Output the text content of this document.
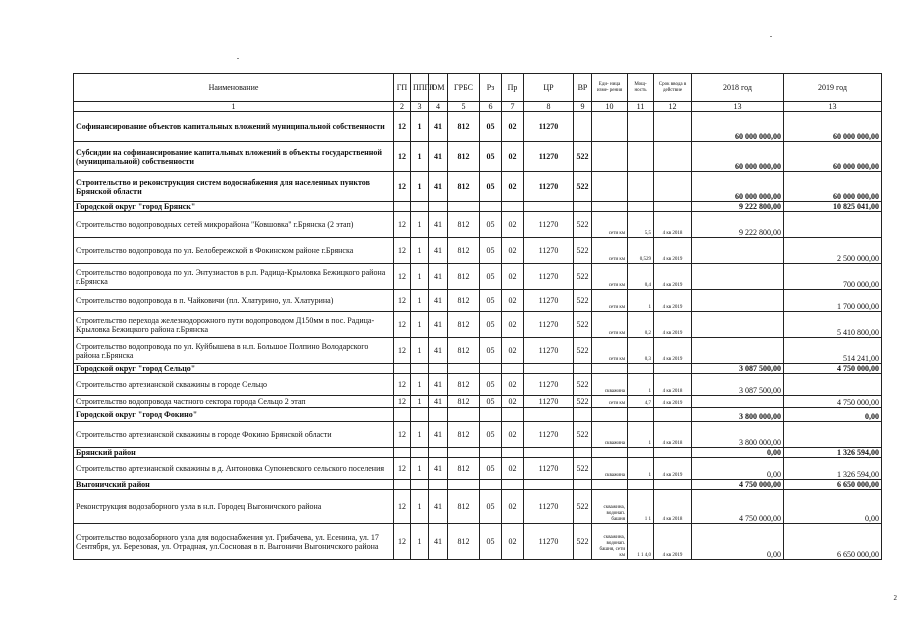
Наименование	ГП	ППГП	ОМ	ГРБС	Рз	Пр	ЦР	ВР	Еди- ница изме- рения	Мощ- ность	Срок ввода в действие	2018 год	2019 год
1	2	3	4	5	6	7	8	9	10	11	12	13	13
Софинансирование объектов капитальных вложений муниципальной собственности	12	1	41	812	05	02	11270					60 000 000,00	60 000 000,00
Субсидии на софинансирование капитальных вложений в объекты государственной (муниципальной) собственности	12	1	41	812	05	02	11270	522				60 000 000,00	60 000 000,00
Строительство и реконструкция систем водоснабжения для населенных пунктов Брянской области	12	1	41	812	05	02	11270	522				60 000 000,00	60 000 000,00
Городской округ "город Брянск"												9 222 800,00	10 825 041,00
Строительство водопроводных сетей микрорайона "Ковшовка" г.Брянска (2 этап)	12	1	41	812	05	02	11270	522	сети км	5,5	4 кв 2018	9 222 800,00	
Строительство водопровода по ул. Белобережской в Фокинском районе г.Брянска	12	1	41	812	05	02	11270	522	сети км	0,529	4 кв 2019		2 500 000,00
Строительство водопровода по ул. Энтузиастов в р.п. Радица-Крыловка Бежицкого района г.Брянска	12	1	41	812	05	02	11270	522	сети км	0,4	4 кв 2019		700 000,00
Строительство водопровода в п. Чайковичи (пл. Хлатурино, ул. Хлатурина)	12	1	41	812	05	02	11270	522	сети км	1	4 кв 2019		1 700 000,00
Строительство перехода железнодорожного пути водопроводом Д150мм в пос. Радица-Крыловка Бежицкого района г.Брянска	12	1	41	812	05	02	11270	522	сети км	0,2	4 кв 2019		5 410 800,00
Строительство водопровода по ул. Куйбышева в н.п. Большое Полпино Володарского района г.Брянска	12	1	41	812	05	02	11270	522	сети км	0,3	4 кв 2019		514 241,00
Городской округ "город Сельцо"												3 087 500,00	4 750 000,00
Строительство артезианской скважины в городе Сельцо	12	1	41	812	05	02	11270	522	скважина	1	4 кв 2018	3 087 500,00	
Строительство водопровода частного сектора города Сельцо 2 этап	12	1	41	812	05	02	11270	522	сети км	4,7	4 кв 2019		4 750 000,00
Городской округ "город Фокино"												3 800 000,00	0,00
Строительство артезианской скважины в городе Фокино Брянской области	12	1	41	812	05	02	11270	522	скважина	1	4 кв 2018	3 800 000,00	
Брянский район												0,00	1 326 594,00
Строительство артезианской скважины в д. Антоновка Супоневского сельского поселения	12	1	41	812	05	02	11270	522	скважина	1	4 кв 2019	0,00	1 326 594,00
Выгоничский район												4 750 000,00	6 650 000,00
Реконструкция водозаборного узла в н.п. Городец Выгоничского района	12	1	41	812	05	02	11270	522	скважина, водонап. башня	1 1	4 кв 2018	4 750 000,00	0,00
Строительство водозаборного узла для водоснабжения ул. Грибачева, ул. Есенина, ул. 17 Сентября, ул. Березовая, ул. Отрадная, ул.Сосновая в п. Выгоничи Выгоничского района	12	1	41	812	05	02	11270	522	скважина, водонап. башня, сети км	1 1 4,0	4 кв 2019	0,00	6 650 000,00
2
